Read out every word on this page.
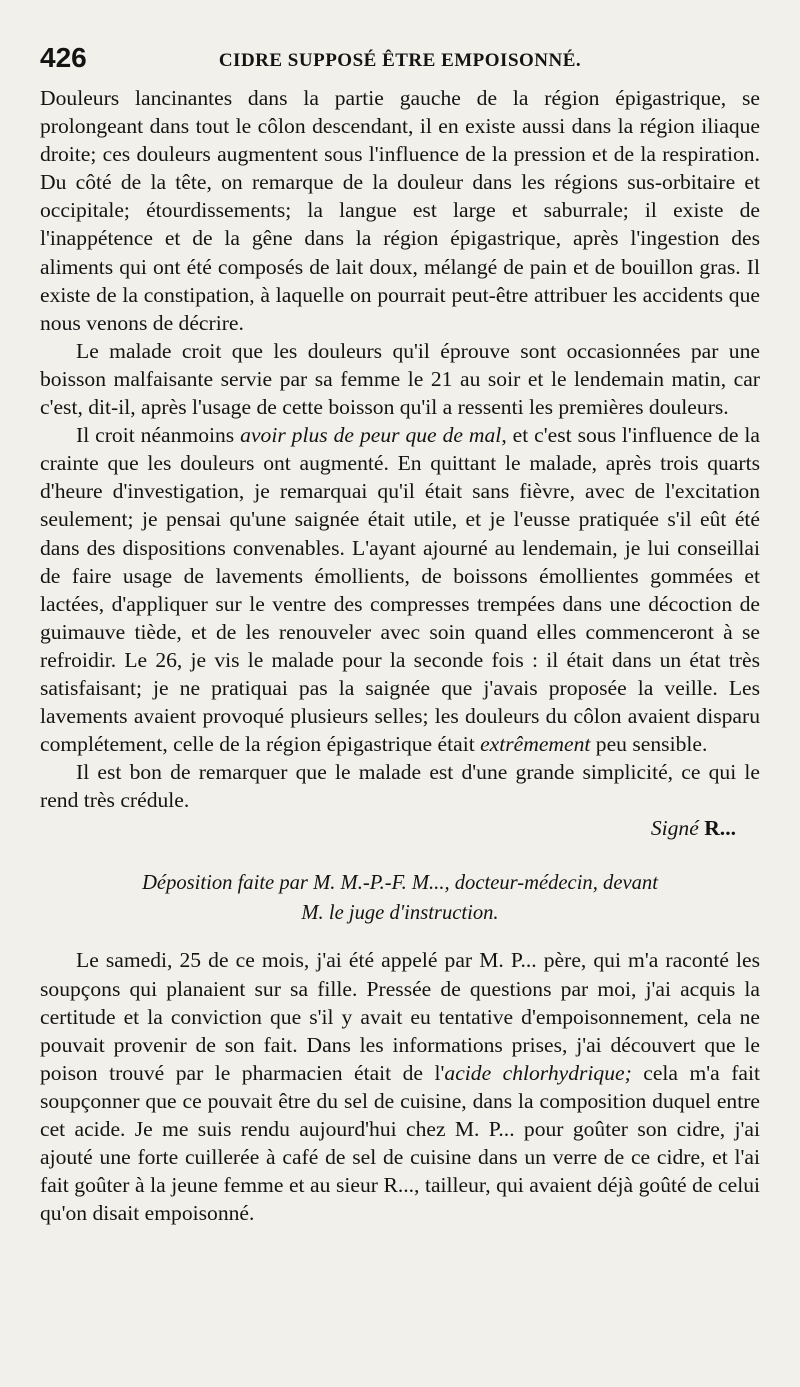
426	CIDRE SUPPOSÉ ÊTRE EMPOISONNÉ.

Douleurs lancinantes dans la partie gauche de la région épigastrique, se prolongeant dans tout le côlon descendant, il en existe aussi dans la région iliaque droite; ces douleurs augmentent sous l'influence de la pression et de la respiration. Du côté de la tête, on remarque de la douleur dans les régions sus-orbitaire et occipitale; étourdissements; la langue est large et saburrale; il existe de l'inappétence et de la gêne dans la région épigastrique, après l'ingestion des aliments qui ont été composés de lait doux, mélangé de pain et de bouillon gras. Il existe de la constipation, à laquelle on pourrait peut-être attribuer les accidents que nous venons de décrire.

Le malade croit que les douleurs qu'il éprouve sont occasionnées par une boisson malfaisante servie par sa femme le 21 au soir et le lendemain matin, car c'est, dit-il, après l'usage de cette boisson qu'il a ressenti les premières douleurs.

Il croit néanmoins avoir plus de peur que de mal, et c'est sous l'influence de la crainte que les douleurs ont augmenté. En quittant le malade, après trois quarts d'heure d'investigation, je remarquai qu'il était sans fièvre, avec de l'excitation seulement; je pensai qu'une saignée était utile, et je l'eusse pratiquée s'il eût été dans des dispositions convenables. L'ayant ajourné au lendemain, je lui conseillai de faire usage de lavements émollients, de boissons émollientes gommées et lactées, d'appliquer sur le ventre des compresses trempées dans une décoction de guimauve tiède, et de les renouveler avec soin quand elles commenceront à se refroidir. Le 26, je vis le malade pour la seconde fois : il était dans un état très satisfaisant; je ne pratiquai pas la saignée que j'avais proposée la veille. Les lavements avaient provoqué plusieurs selles; les douleurs du côlon avaient disparu complétement, celle de la région épigastrique était extrêmement peu sensible.

Il est bon de remarquer que le malade est d'une grande simplicité, ce qui le rend très crédule.

Signé R...
Déposition faite par M. M.-P.-F. M..., docteur-médecin, devant
M. le juge d'instruction.

Le samedi, 25 de ce mois, j'ai été appelé par M. P... père, qui m'a raconté les soupçons qui planaient sur sa fille. Pressée de questions par moi, j'ai acquis la certitude et la conviction que s'il y avait eu tentative d'empoisonnement, cela ne pouvait provenir de son fait. Dans les informations prises, j'ai découvert que le poison trouvé par le pharmacien était de l'acide chlorhydrique; cela m'a fait soupçonner que ce pouvait être du sel de cuisine, dans la composition duquel entre cet acide. Je me suis rendu aujourd'hui chez M. P... pour goûter son cidre, j'ai ajouté une forte cuillerée à café de sel de cuisine dans un verre de ce cidre, et l'ai fait goûter à la jeune femme et au sieur R..., tailleur, qui avaient déjà goûté de celui qu'on disait empoisonné.
